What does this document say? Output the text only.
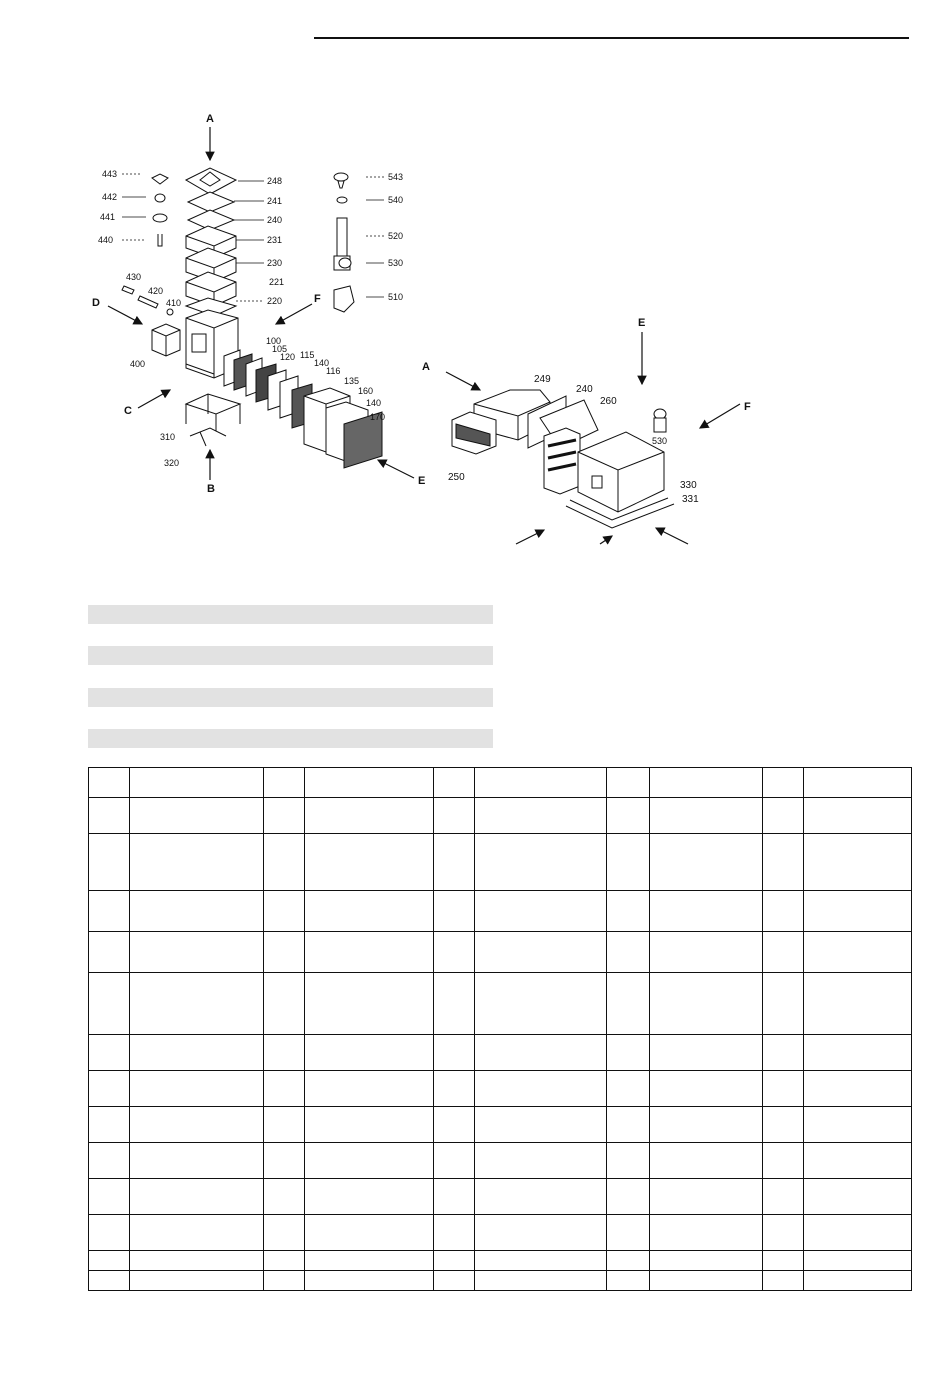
A
B
C
D
E
F
443
442
441
440
430
420
410
400
248
241
240
231
230
221
220
543
540
520
530
510
100
105
120 115
140
116
135
160
140
170
310
320
A
E
F
249
240
260
250
530
330
331
